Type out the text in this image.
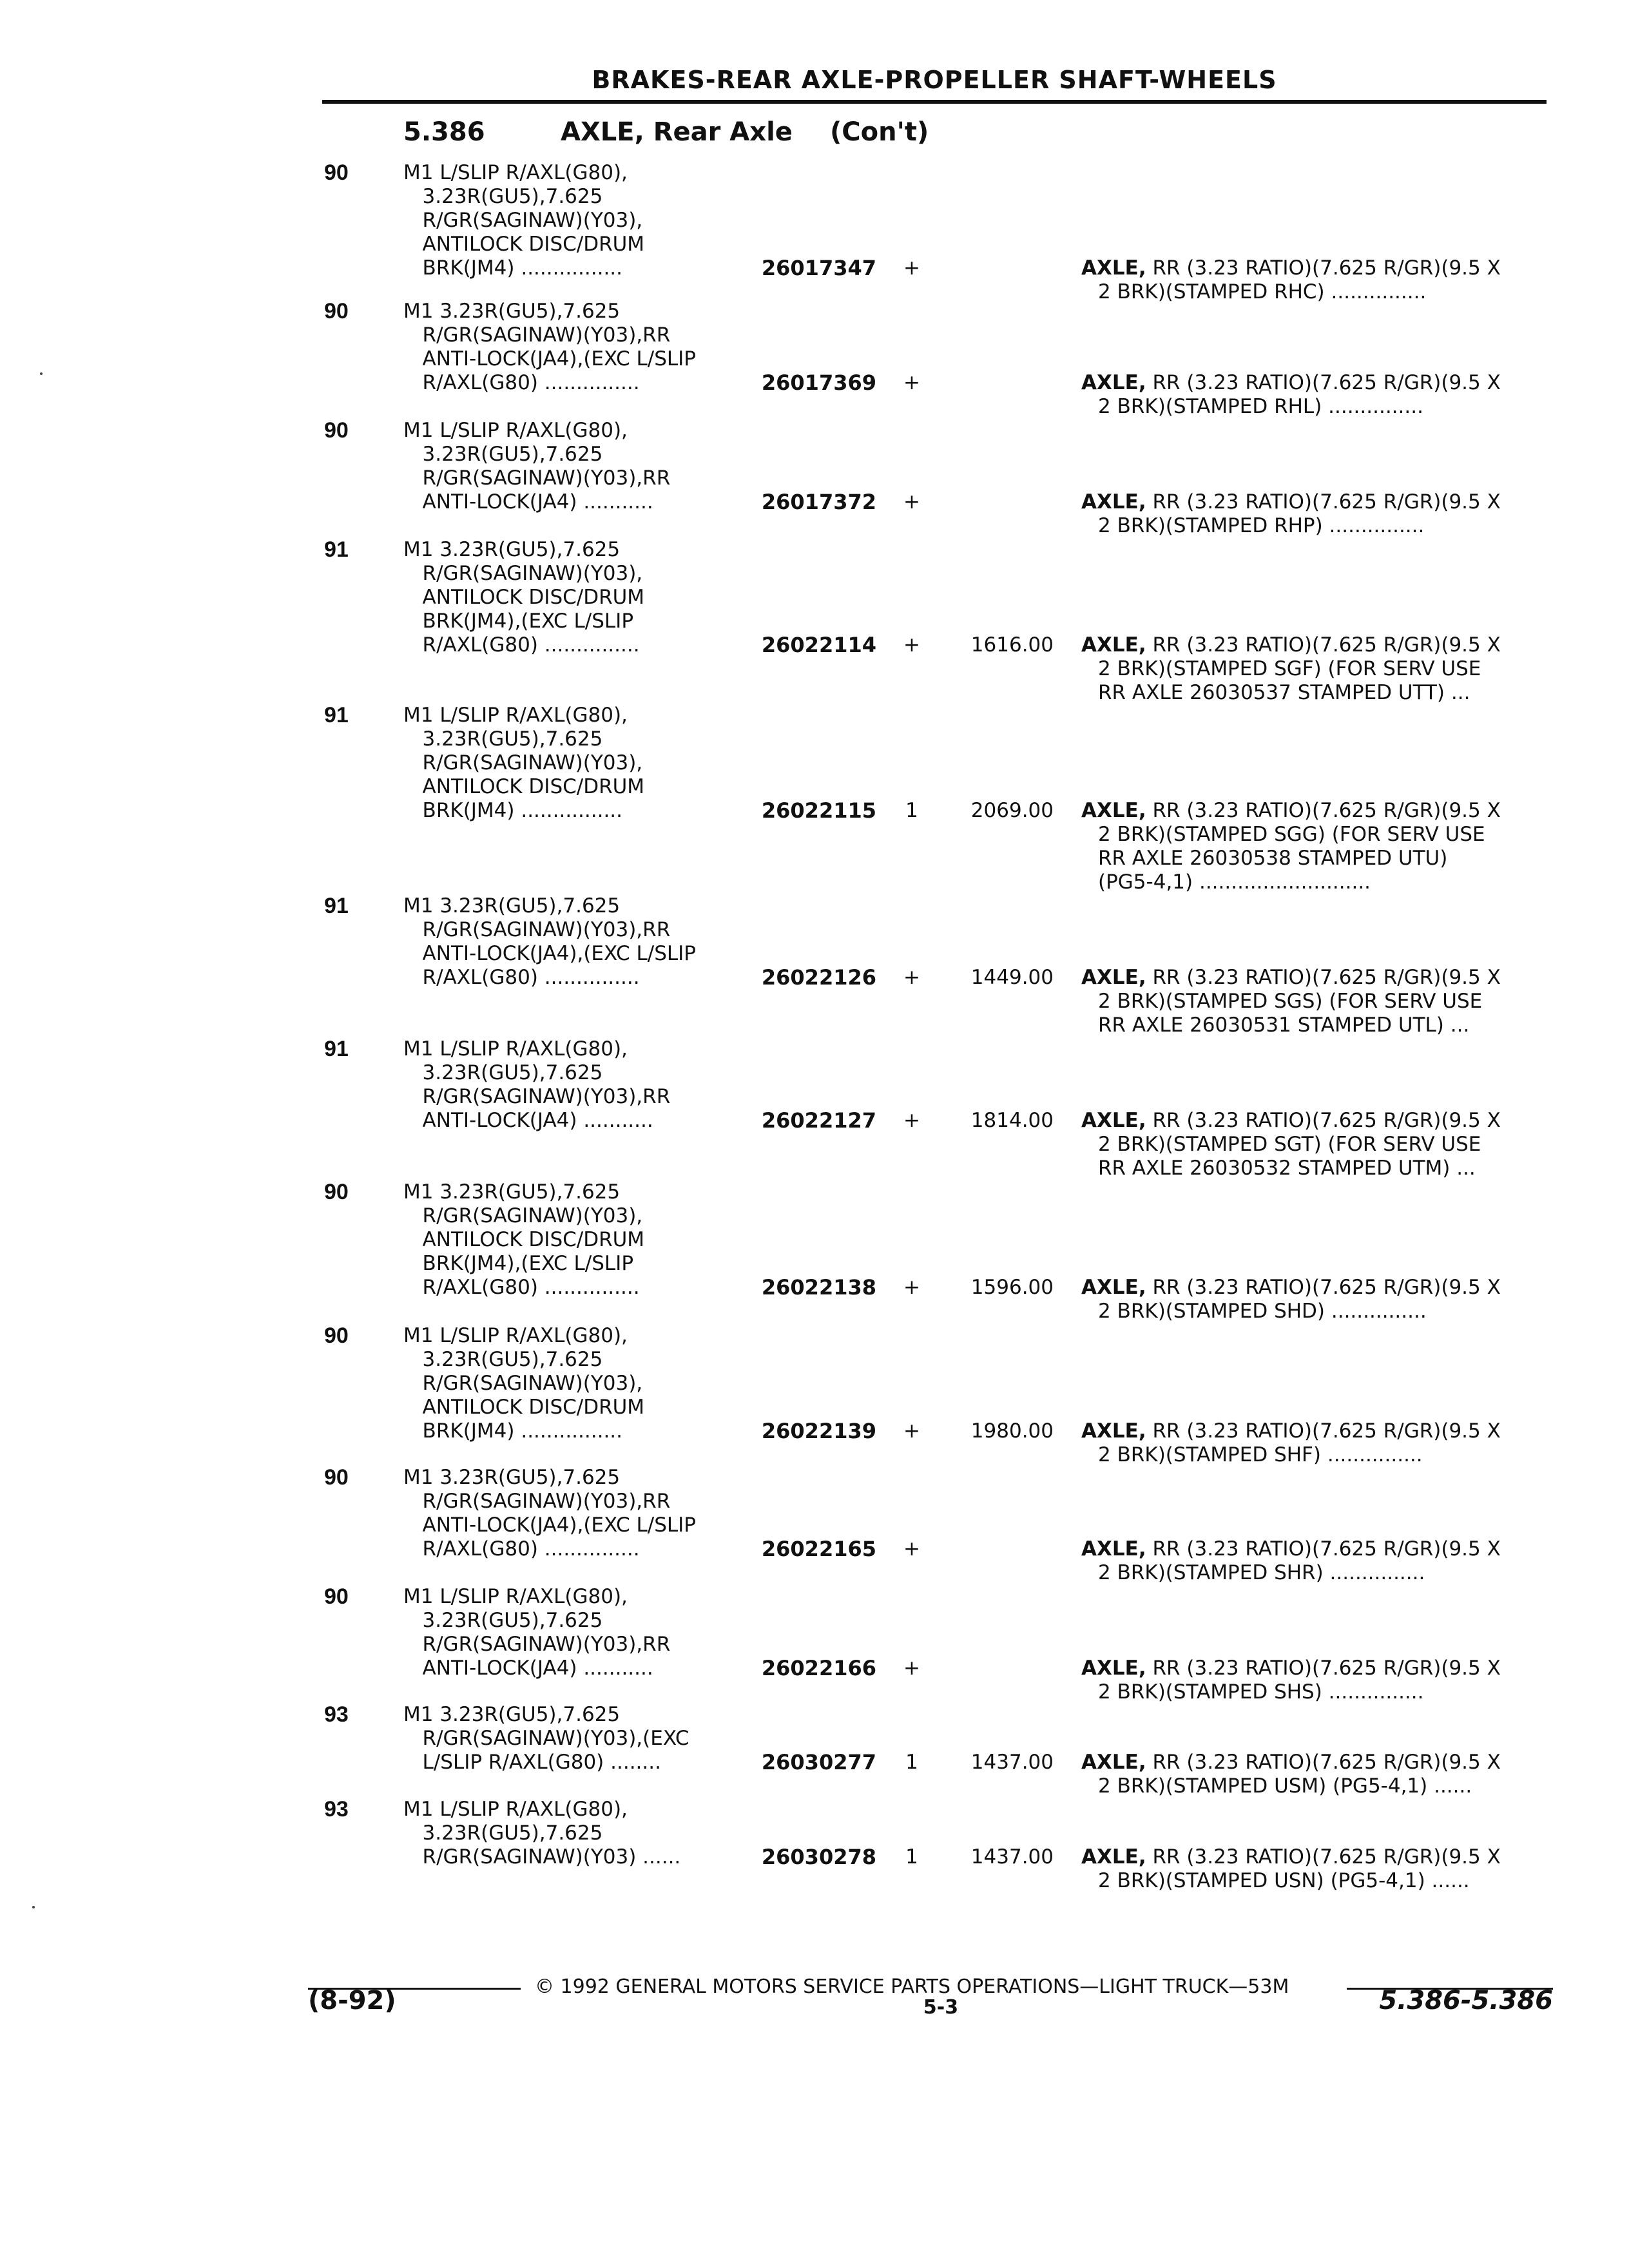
BRAKES-REAR AXLE-PROPELLER SHAFT-WHEELS
5.386	AXLE, Rear Axle (Con't)
90	M1 L/SLIP R/AXL(G80),
3.23R(GU5),7.625
R/GR(SAGINAW)(Y03),
ANTILOCK DISC/DRUM
BRK(JM4) ................	26017347 +	AXLE, RR (3.23 RATIO)(7.625 R/GR)(9.5 X
2 BRK)(STAMPED RHC) ...............
90	M1 3.23R(GU5),7.625
R/GR(SAGINAW)(Y03),RR
ANTI-LOCK(JA4),(EXC L/SLIP
R/AXL(G80) ...............	26017369 +	AXLE, RR (3.23 RATIO)(7.625 R/GR)(9.5 X
2 BRK)(STAMPED RHL) ...............
90	M1 L/SLIP R/AXL(G80),
3.23R(GU5),7.625
R/GR(SAGINAW)(Y03),RR
ANTI-LOCK(JA4) ...........	26017372 +	AXLE, RR (3.23 RATIO)(7.625 R/GR)(9.5 X
2 BRK)(STAMPED RHP) ...............
91	M1 3.23R(GU5),7.625
R/GR(SAGINAW)(Y03),
ANTILOCK DISC/DRUM
BRK(JM4),(EXC L/SLIP
R/AXL(G80) ...............	26022114 +	1616.00 AXLE, RR (3.23 RATIO)(7.625 R/GR)(9.5 X
2 BRK)(STAMPED SGF) (FOR SERV USE
RR AXLE 26030537 STAMPED UTT) ...
91	M1 L/SLIP R/AXL(G80),
3.23R(GU5),7.625
R/GR(SAGINAW)(Y03),
ANTILOCK DISC/DRUM
BRK(JM4) ................	26022115	1	2069.00 AXLE, RR (3.23 RATIO)(7.625 R/GR)(9.5 X
2 BRK)(STAMPED SGG) (FOR SERV USE
RR AXLE 26030538 STAMPED UTU)
(PG5-4,1) ...........................
91	M1 3.23R(GU5),7.625
R/GR(SAGINAW)(Y03),RR
ANTI-LOCK(JA4),(EXC L/SLIP
R/AXL(G80) ...............	26022126 +	1449.00 AXLE, RR (3.23 RATIO)(7.625 R/GR)(9.5 X
2 BRK)(STAMPED SGS) (FOR SERV USE
RR AXLE 26030531 STAMPED UTL) ...
91	M1 L/SLIP R/AXL(G80),
3.23R(GU5),7.625
R/GR(SAGINAW)(Y03),RR
ANTI-LOCK(JA4) ...........	26022127 +	1814.00 AXLE, RR (3.23 RATIO)(7.625 R/GR)(9.5 X
2 BRK)(STAMPED SGT) (FOR SERV USE
RR AXLE 26030532 STAMPED UTM) ...
90	M1 3.23R(GU5),7.625
R/GR(SAGINAW)(Y03),
ANTILOCK DISC/DRUM
BRK(JM4),(EXC L/SLIP
R/AXL(G80) ...............	26022138 +	1596.00 AXLE, RR (3.23 RATIO)(7.625 R/GR)(9.5 X
2 BRK)(STAMPED SHD) ...............
90	M1 L/SLIP R/AXL(G80),
3.23R(GU5),7.625
R/GR(SAGINAW)(Y03),
ANTILOCK DISC/DRUM
BRK(JM4) ................	26022139 +	1980.00 AXLE, RR (3.23 RATIO)(7.625 R/GR)(9.5 X
2 BRK)(STAMPED SHF) ...............
90	M1 3.23R(GU5),7.625
R/GR(SAGINAW)(Y03),RR
ANTI-LOCK(JA4),(EXC L/SLIP
R/AXL(G80) ...............	26022165 +	AXLE, RR (3.23 RATIO)(7.625 R/GR)(9.5 X
2 BRK)(STAMPED SHR) ...............
90	M1 L/SLIP R/AXL(G80),
3.23R(GU5),7.625
R/GR(SAGINAW)(Y03),RR
ANTI-LOCK(JA4) ...........	26022166 +	AXLE, RR (3.23 RATIO)(7.625 R/GR)(9.5 X
2 BRK)(STAMPED SHS) ...............
93	M1 3.23R(GU5),7.625
R/GR(SAGINAW)(Y03),(EXC
L/SLIP R/AXL(G80) ........	26030277	1	1437.00 AXLE, RR (3.23 RATIO)(7.625 R/GR)(9.5 X
2 BRK)(STAMPED USM) (PG5-4,1) ......
93	M1 L/SLIP R/AXL(G80),
3.23R(GU5),7.625
R/GR(SAGINAW)(Y03) ......	26030278	1	1437.00 AXLE, RR (3.23 RATIO)(7.625 R/GR)(9.5 X
2 BRK)(STAMPED USN) (PG5-4,1) ......
© 1992 GENERAL MOTORS SERVICE PARTS OPERATIONS—LIGHT TRUCK—53M
(8-92)	5-3	5.386-5.386
